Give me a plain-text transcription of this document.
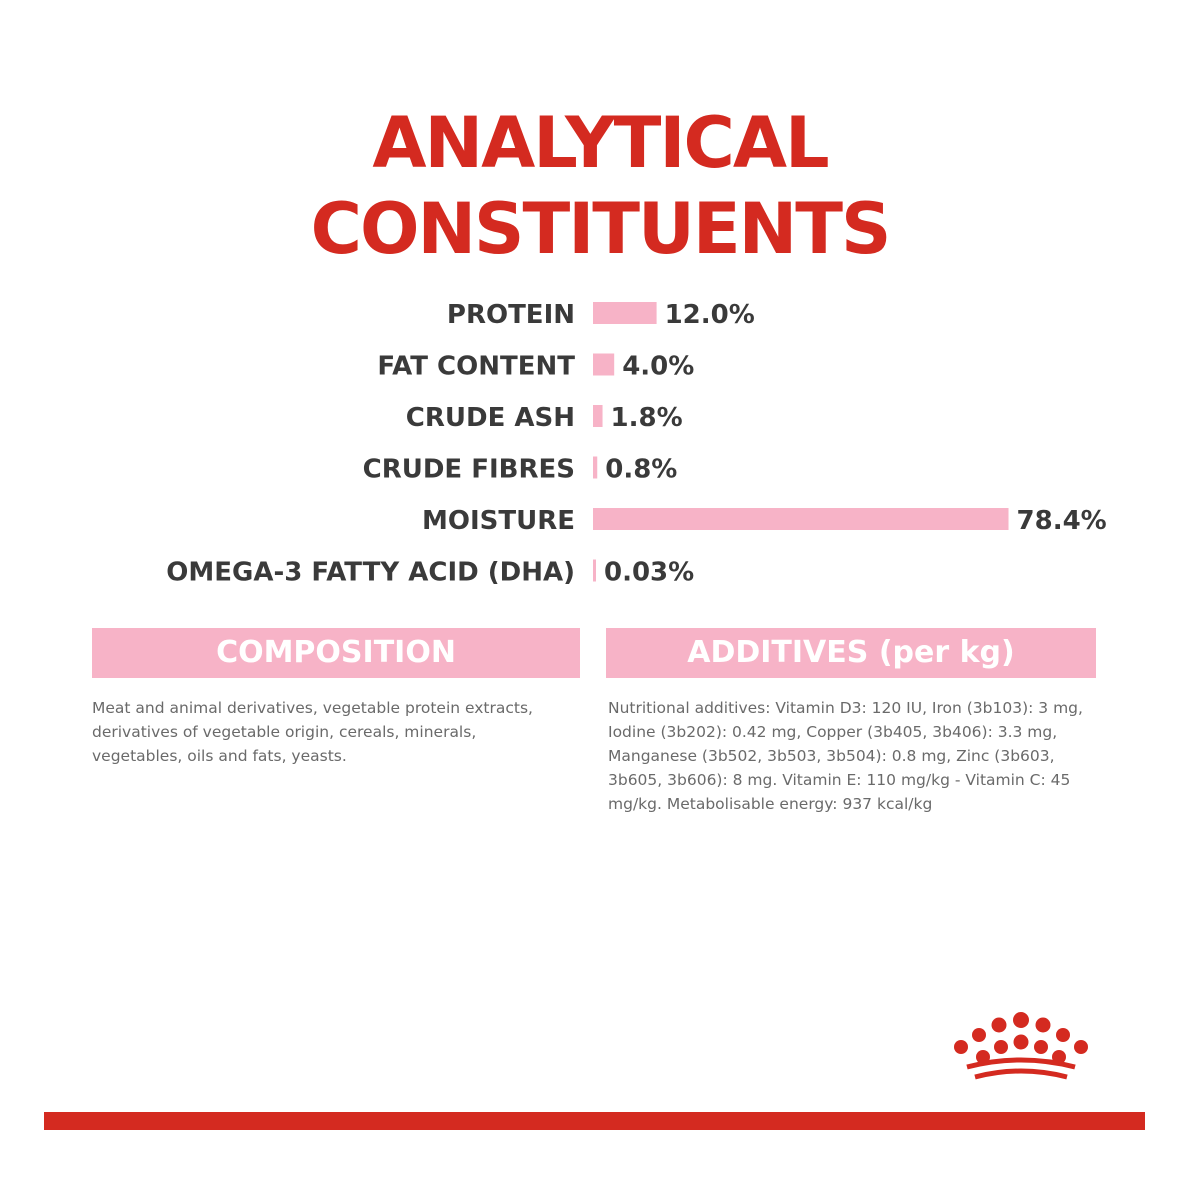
ANALYTICAL
CONSTITUENTS
PROTEIN	12.0%
FAT CONTENT 4.0%
CRUDE ASH 1.8%
CRUDE FIBRES 0.8%
MOISTURE	78.4%
OMEGA-3 FATTY ACID (DHA) 0.03%
COMPOSITION	ADDITIVES (per kg)

Meat and animal derivatives, vegetable protein extracts, derivatives of vegetable origin, cereals, minerals, vegetables, oils and fats, yeasts.

Nutritional additives: Vitamin D3: 120 IU, Iron (3b103): 3 mg, Iodine (3b202): 0.42 mg, Copper (3b405, 3b406): 3.3 mg, Manganese (3b502, 3b503, 3b504): 0.8 mg, Zinc (3b603, 3b605, 3b606): 8 mg. Vitamin E: 110 mg/kg - Vitamin C: 45 mg/kg. Metabolisable energy: 937 kcal/kg
